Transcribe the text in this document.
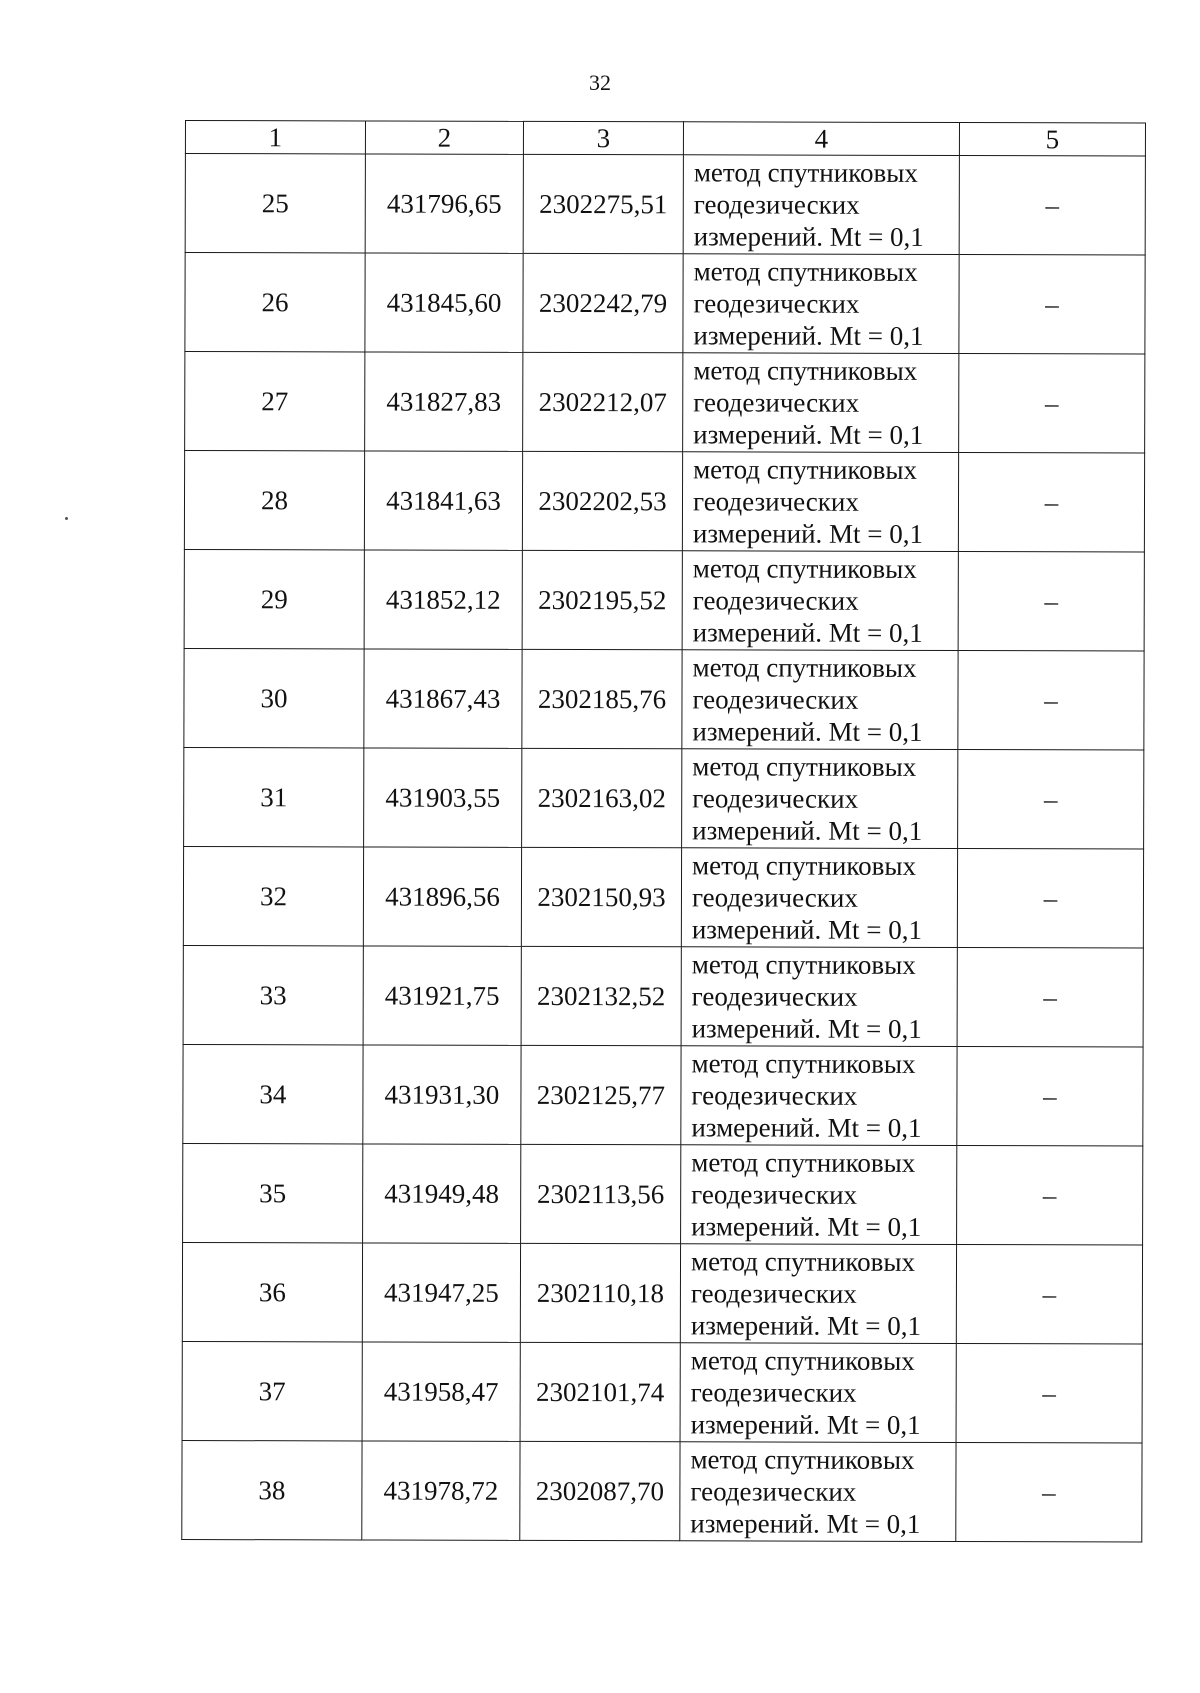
32
1	2	3	4	5
25	431796,65	2302275,51	метод спутниковых
геодезических
измерений. Mt = 0,1	–
26	431845,60	2302242,79	метод спутниковых
геодезических
измерений. Mt = 0,1	–
27	431827,83	2302212,07	метод спутниковых
геодезических
измерений. Mt = 0,1	–
28	431841,63	2302202,53	метод спутниковых
геодезических
измерений. Mt = 0,1	–
29	431852,12	2302195,52	метод спутниковых
геодезических
измерений. Mt = 0,1	–
30	431867,43	2302185,76	метод спутниковых
геодезических
измерений. Mt = 0,1	–
31	431903,55	2302163,02	метод спутниковых
геодезических
измерений. Mt = 0,1	–
32	431896,56	2302150,93	метод спутниковых
геодезических
измерений. Mt = 0,1	–
33	431921,75	2302132,52	метод спутниковых
геодезических
измерений. Mt = 0,1	–
34	431931,30	2302125,77	метод спутниковых
геодезических
измерений. Mt = 0,1	–
35	431949,48	2302113,56	метод спутниковых
геодезических
измерений. Mt = 0,1	–
36	431947,25	2302110,18	метод спутниковых
геодезических
измерений. Mt = 0,1	–
37	431958,47	2302101,74	метод спутниковых
геодезических
измерений. Mt = 0,1	–
38	431978,72	2302087,70	метод спутниковых
геодезических
измерений. Mt = 0,1	–
